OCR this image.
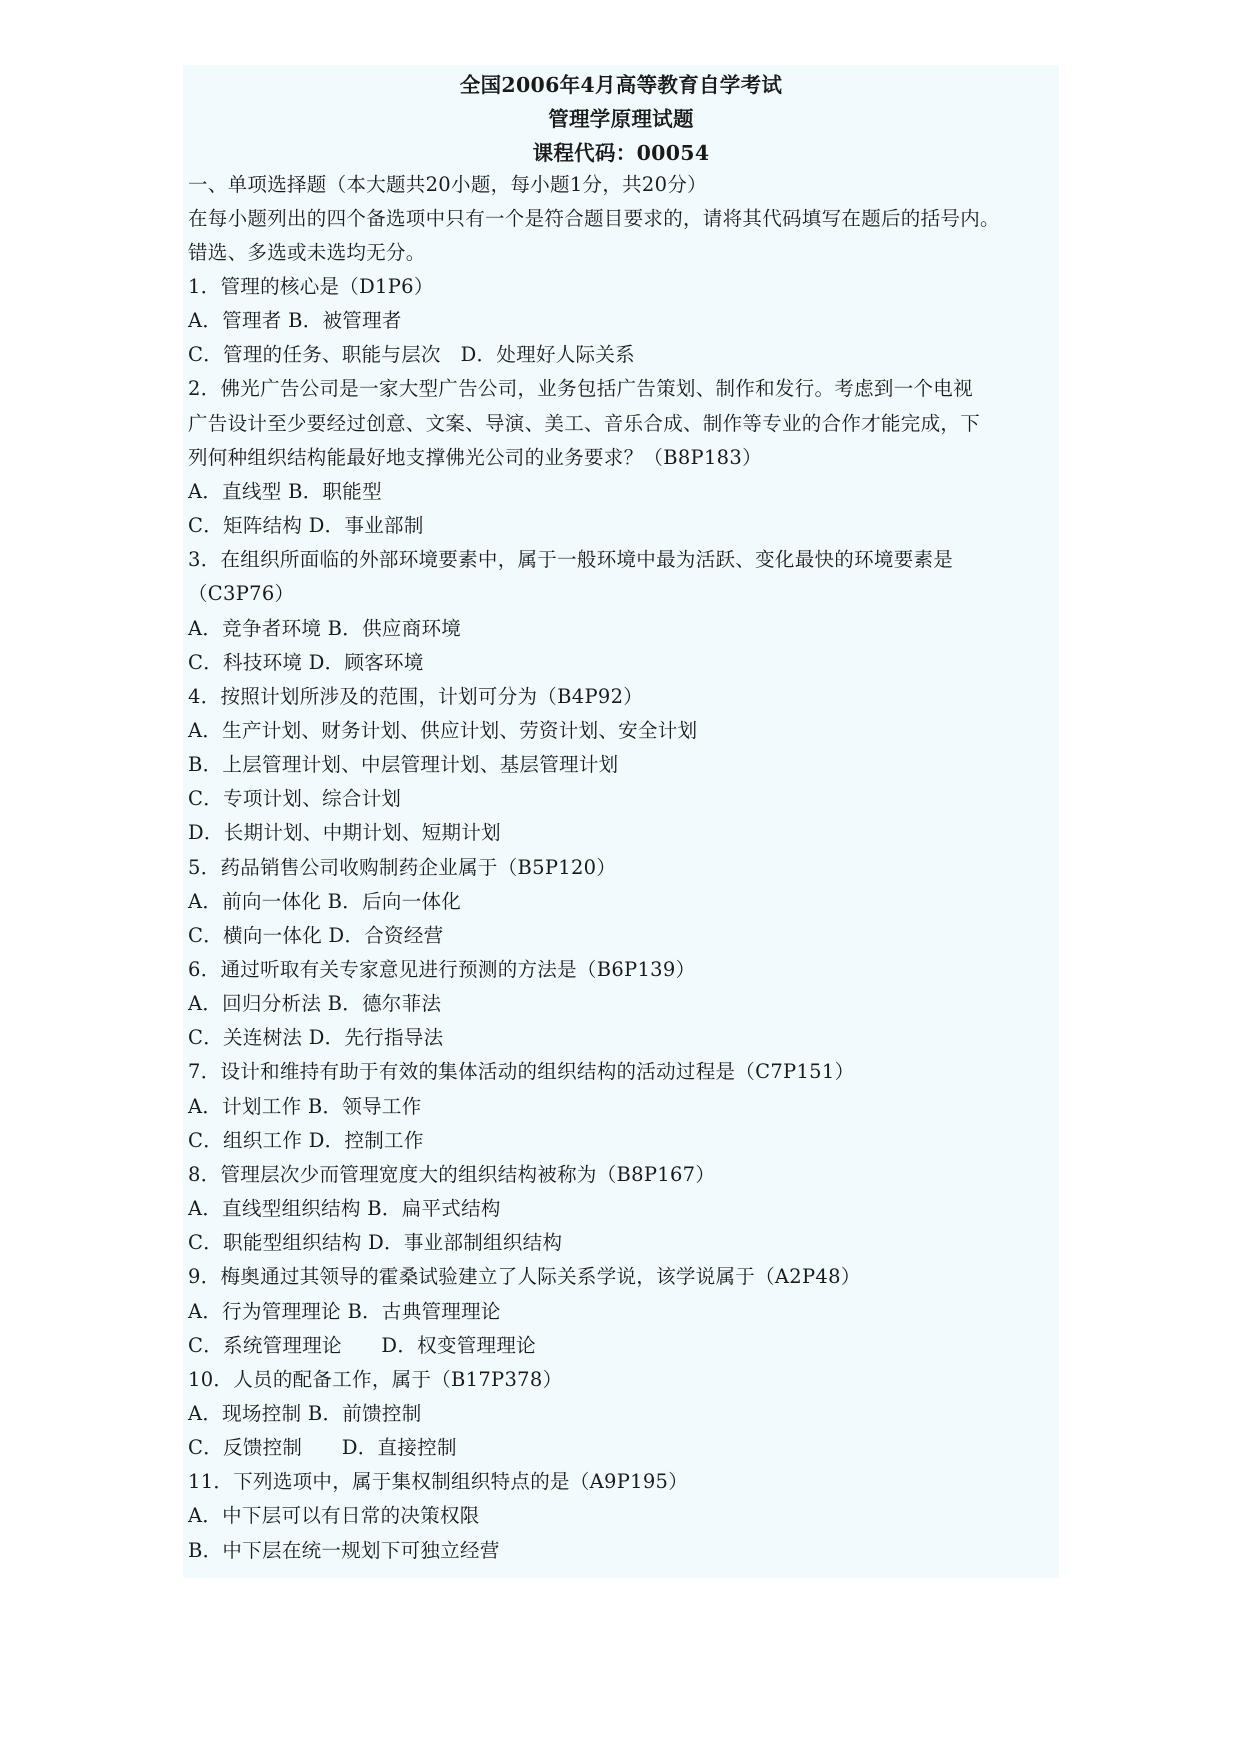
全国2006年4月高等教育自学考试
管理学原理试题
课程代码：00054
一、单项选择题（本大题共20小题，每小题1分，共20分）
在每小题列出的四个备选项中只有一个是符合题目要求的，请将其代码填写在题后的括号内。
错选、多选或未选均无分。
1．管理的核心是（D1P6）
A．管理者 B．被管理者
C．管理的任务、职能与层次　D．处理好人际关系
2．佛光广告公司是一家大型广告公司，业务包括广告策划、制作和发行。考虑到一个电视
广告设计至少要经过创意、文案、导演、美工、音乐合成、制作等专业的合作才能完成，下
列何种组织结构能最好地支撑佛光公司的业务要求？（B8P183）
A．直线型 B．职能型
C．矩阵结构 D．事业部制
3．在组织所面临的外部环境要素中，属于一般环境中最为活跃、变化最快的环境要素是
（C3P76）
A．竞争者环境 B．供应商环境
C．科技环境 D．顾客环境
4．按照计划所涉及的范围，计划可分为（B4P92）
A．生产计划、财务计划、供应计划、劳资计划、安全计划
B．上层管理计划、中层管理计划、基层管理计划
C．专项计划、综合计划
D．长期计划、中期计划、短期计划
5．药品销售公司收购制药企业属于（B5P120）
A．前向一体化 B．后向一体化
C．横向一体化 D．合资经营
6．通过听取有关专家意见进行预测的方法是（B6P139）
A．回归分析法 B．德尔菲法
C．关连树法 D．先行指导法
7．设计和维持有助于有效的集体活动的组织结构的活动过程是（C7P151）
A．计划工作 B．领导工作
C．组织工作 D．控制工作
8．管理层次少而管理宽度大的组织结构被称为（B8P167）
A．直线型组织结构 B．扁平式结构
C．职能型组织结构 D．事业部制组织结构
9．梅奥通过其领导的霍桑试验建立了人际关系学说，该学说属于（A2P48）
A．行为管理理论 B．古典管理理论
C．系统管理理论　　D．权变管理理论
10．人员的配备工作，属于（B17P378）
A．现场控制 B．前馈控制
C．反馈控制　　D．直接控制
11．下列选项中，属于集权制组织特点的是（A9P195）
A．中下层可以有日常的决策权限
B．中下层在统一规划下可独立经营
